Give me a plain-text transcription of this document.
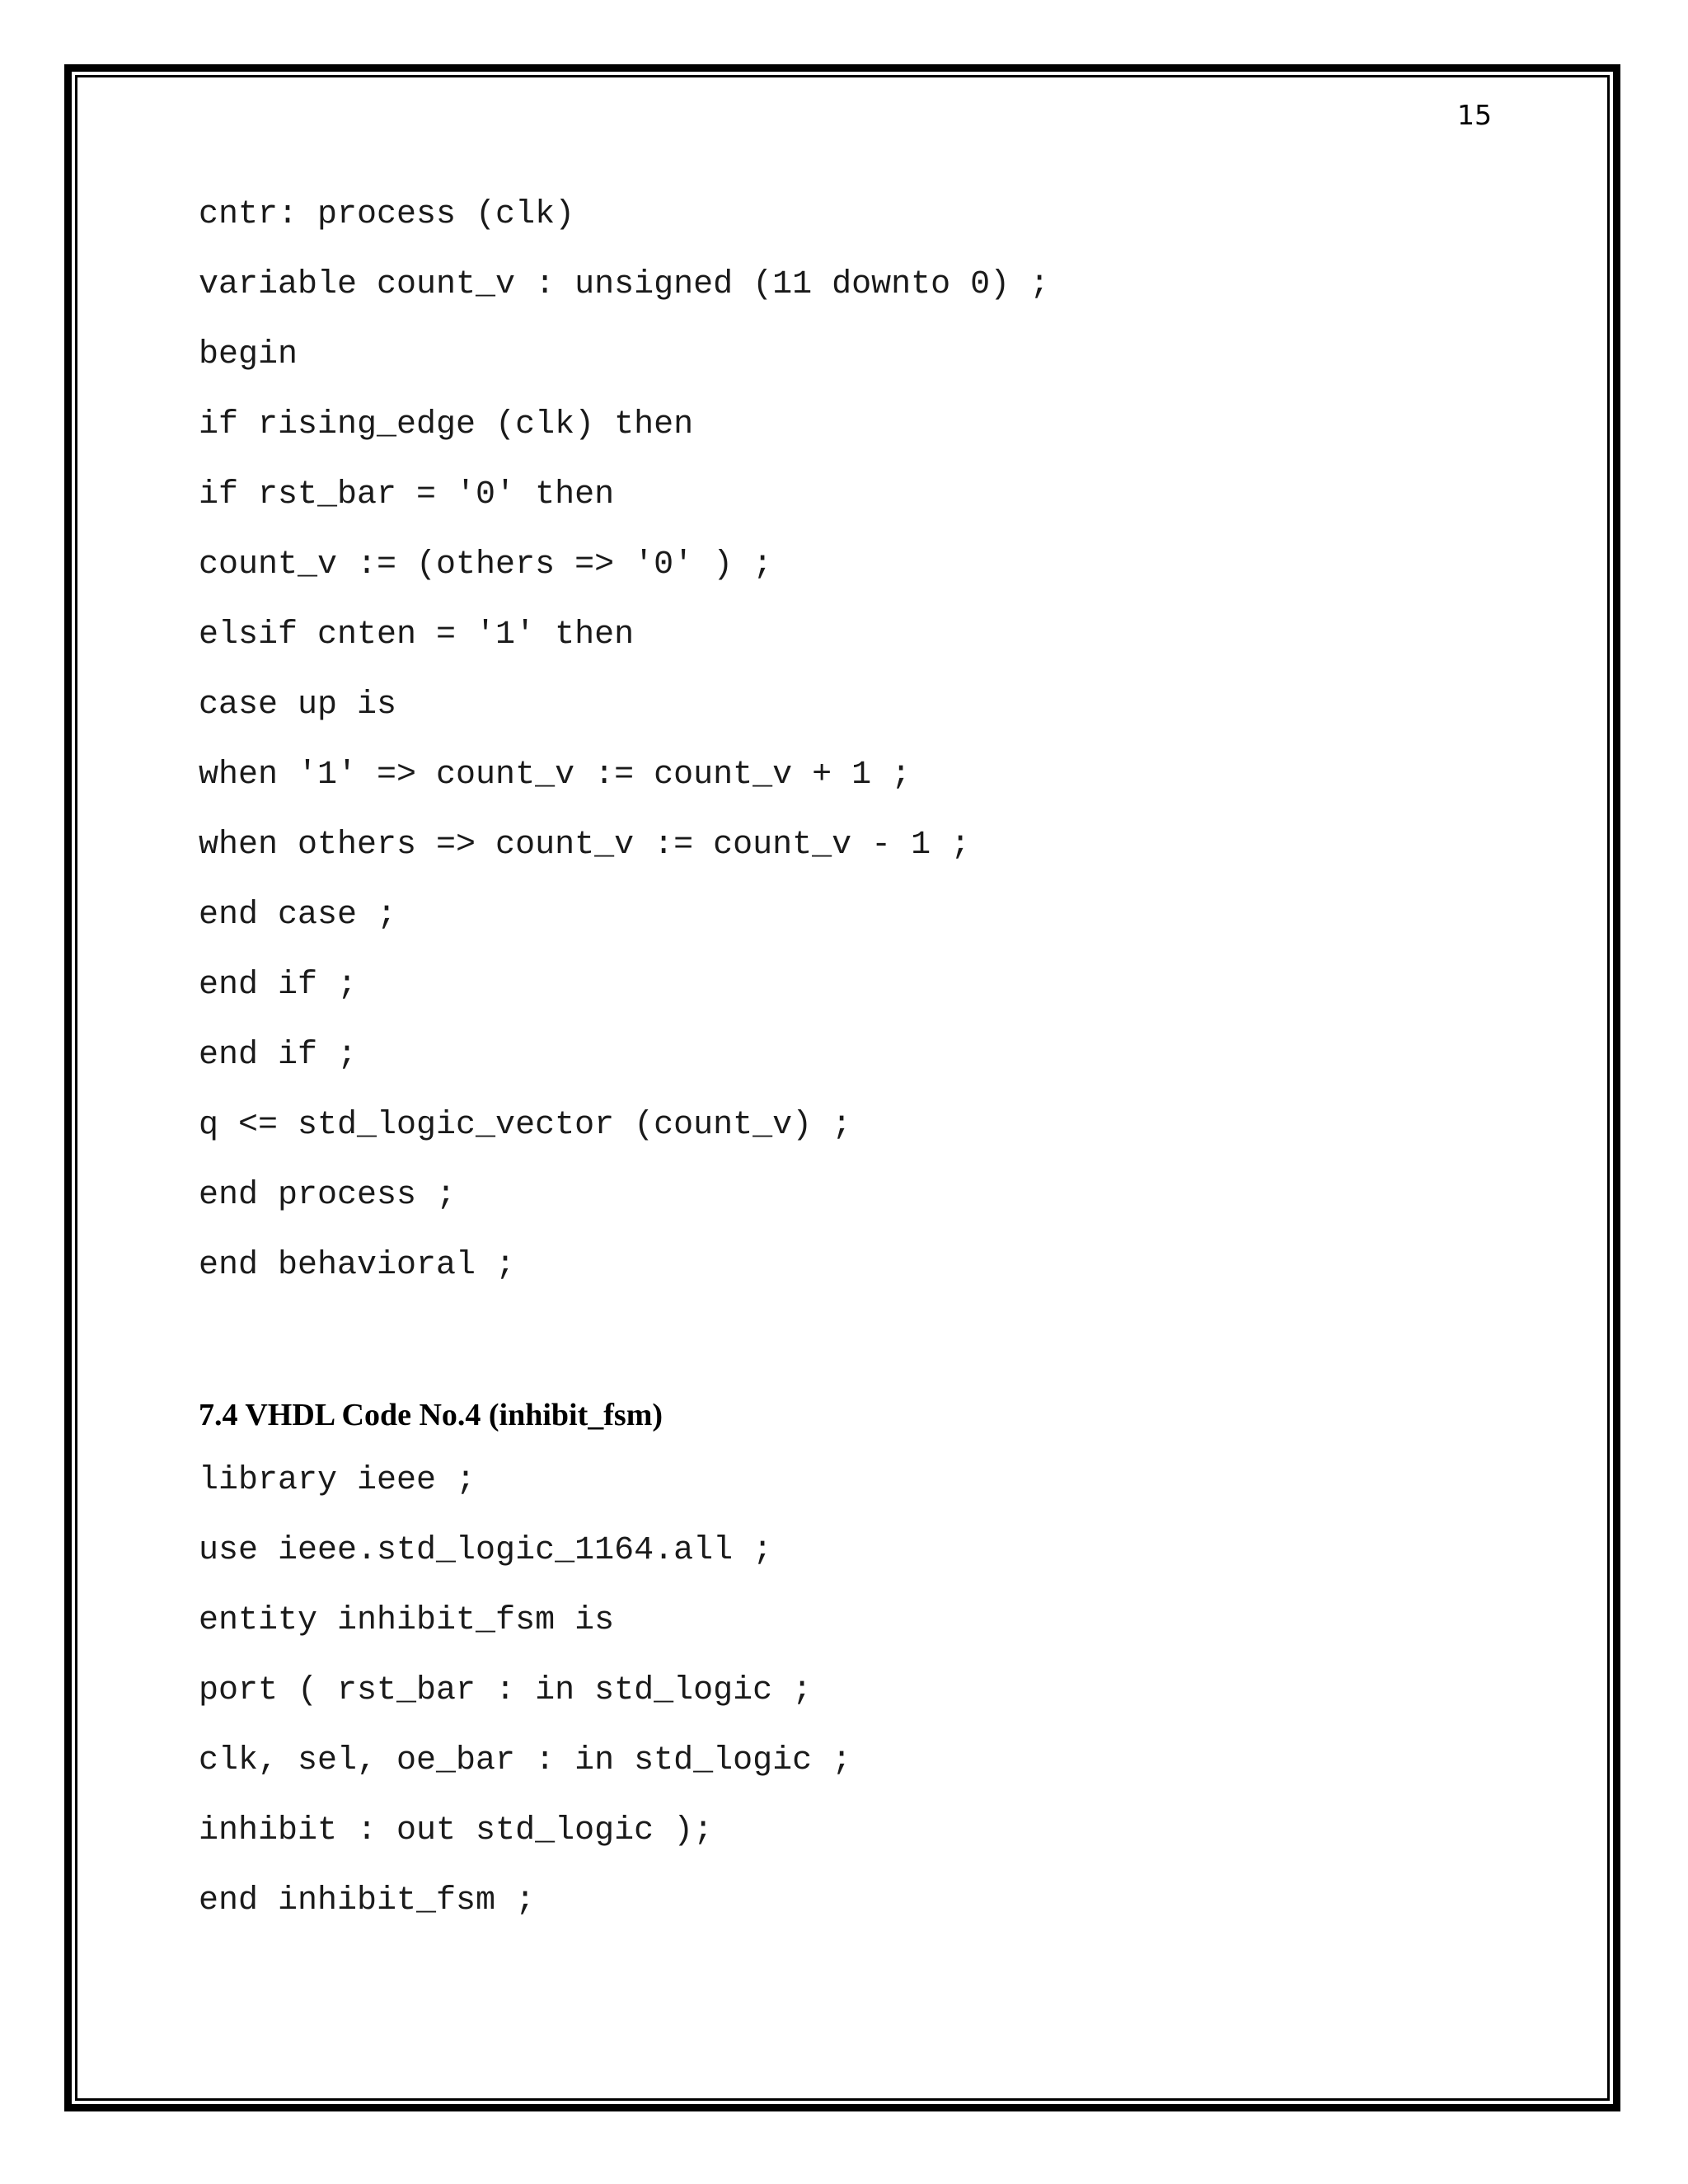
15

cntr: process (clk)

variable count_v : unsigned (11 downto 0) ;

begin

if rising_edge (clk) then

if rst_bar = '0' then

count_v := (others => '0' ) ;

elsif cnten = '1' then

case up is

when '1' => count_v := count_v + 1 ;

when others => count_v := count_v - 1 ;

end case ;

end if ;

end if ;

q <= std_logic_vector (count_v) ;

end process ;

end behavioral ;

7.4 VHDL Code No.4 (inhibit_fsm)

library ieee ;

use ieee.std_logic_1164.all ;

entity inhibit_fsm is

port ( rst_bar : in std_logic ;

clk, sel, oe_bar : in std_logic ;

inhibit : out std_logic );

end inhibit_fsm ;
